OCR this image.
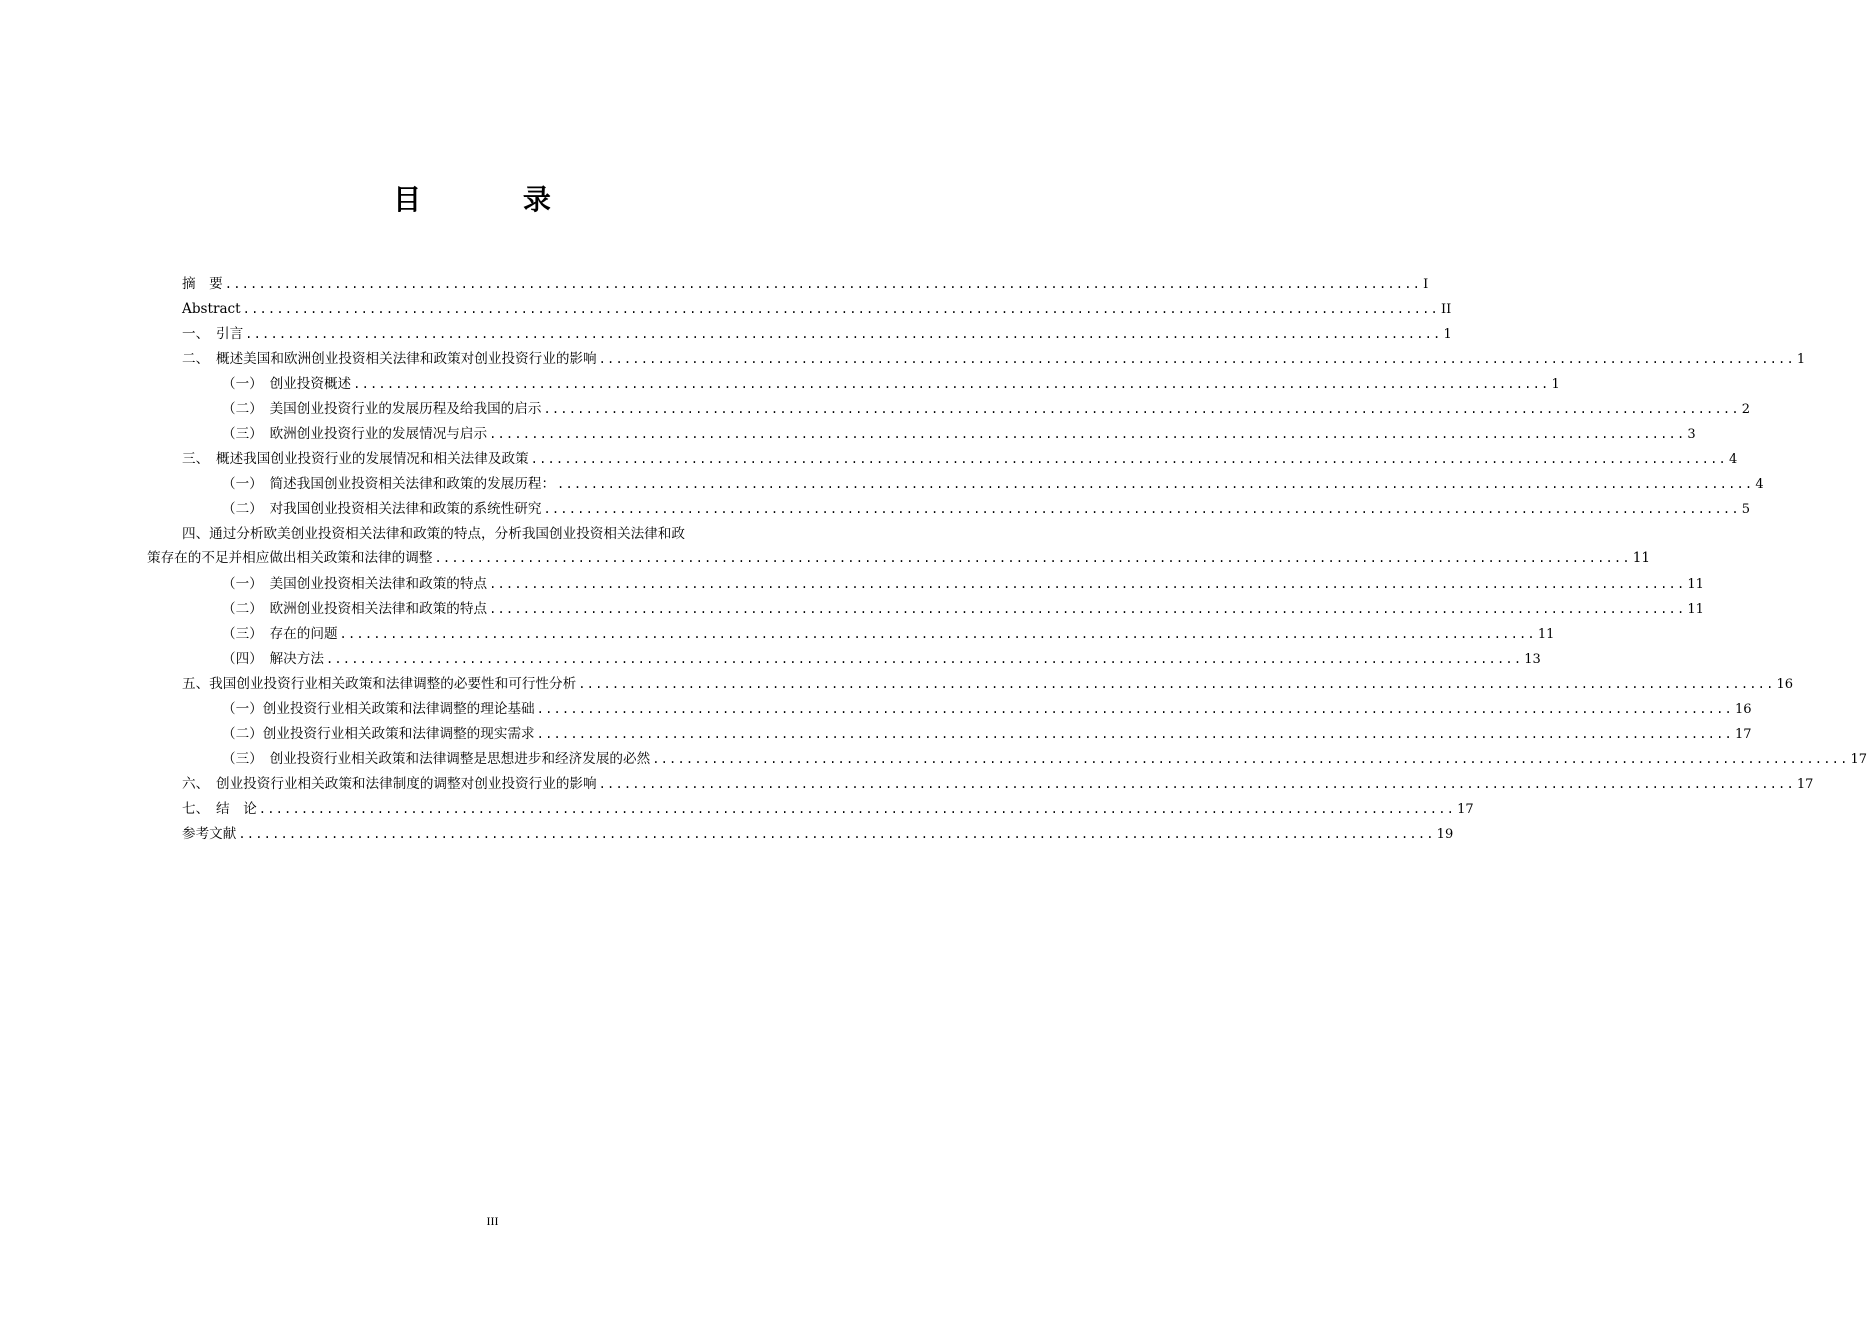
目 录
摘　要 .............................................................................................................................................. I
Abstract .............................................................................................................................................. II
一、　引言 .............................................................................................................................................. 1
二、　概述美国和欧洲创业投资相关法律和政策对创业投资行业的影响 .............................................................................................................................................. 1
（一）　创业投资概述 .............................................................................................................................................. 1
（二）　美国创业投资行业的发展历程及给我国的启示 .............................................................................................................................................. 2
（三）　欧洲创业投资行业的发展情况与启示 .............................................................................................................................................. 3
三、　概述我国创业投资行业的发展情况和相关法律及政策 .............................................................................................................................................. 4
（一）　简述我国创业投资相关法律和政策的发展历程： .............................................................................................................................................. 4
（二）　对我国创业投资相关法律和政策的系统性研究 .............................................................................................................................................. 5
四、通过分析欧美创业投资相关法律和政策的特点，分析我国创业投资相关法律和政
策存在的不足并相应做出相关政策和法律的调整 .............................................................................................................................................. 11
（一）　美国创业投资相关法律和政策的特点 .............................................................................................................................................. 11
（二）　欧洲创业投资相关法律和政策的特点 .............................................................................................................................................. 11
（三）　存在的问题 .............................................................................................................................................. 11
（四）　解决方法 .............................................................................................................................................. 13
五、我国创业投资行业相关政策和法律调整的必要性和可行性分析 .............................................................................................................................................. 16
（一）创业投资行业相关政策和法律调整的理论基础 .............................................................................................................................................. 16
（二）创业投资行业相关政策和法律调整的现实需求 .............................................................................................................................................. 17
（三）　创业投资行业相关政策和法律调整是思想进步和经济发展的必然 .............................................................................................................................................. 17
六、　创业投资行业相关政策和法律制度的调整对创业投资行业的影响 .............................................................................................................................................. 17
七、　结　论 .............................................................................................................................................. 17
参考文献 .............................................................................................................................................. 19
III
